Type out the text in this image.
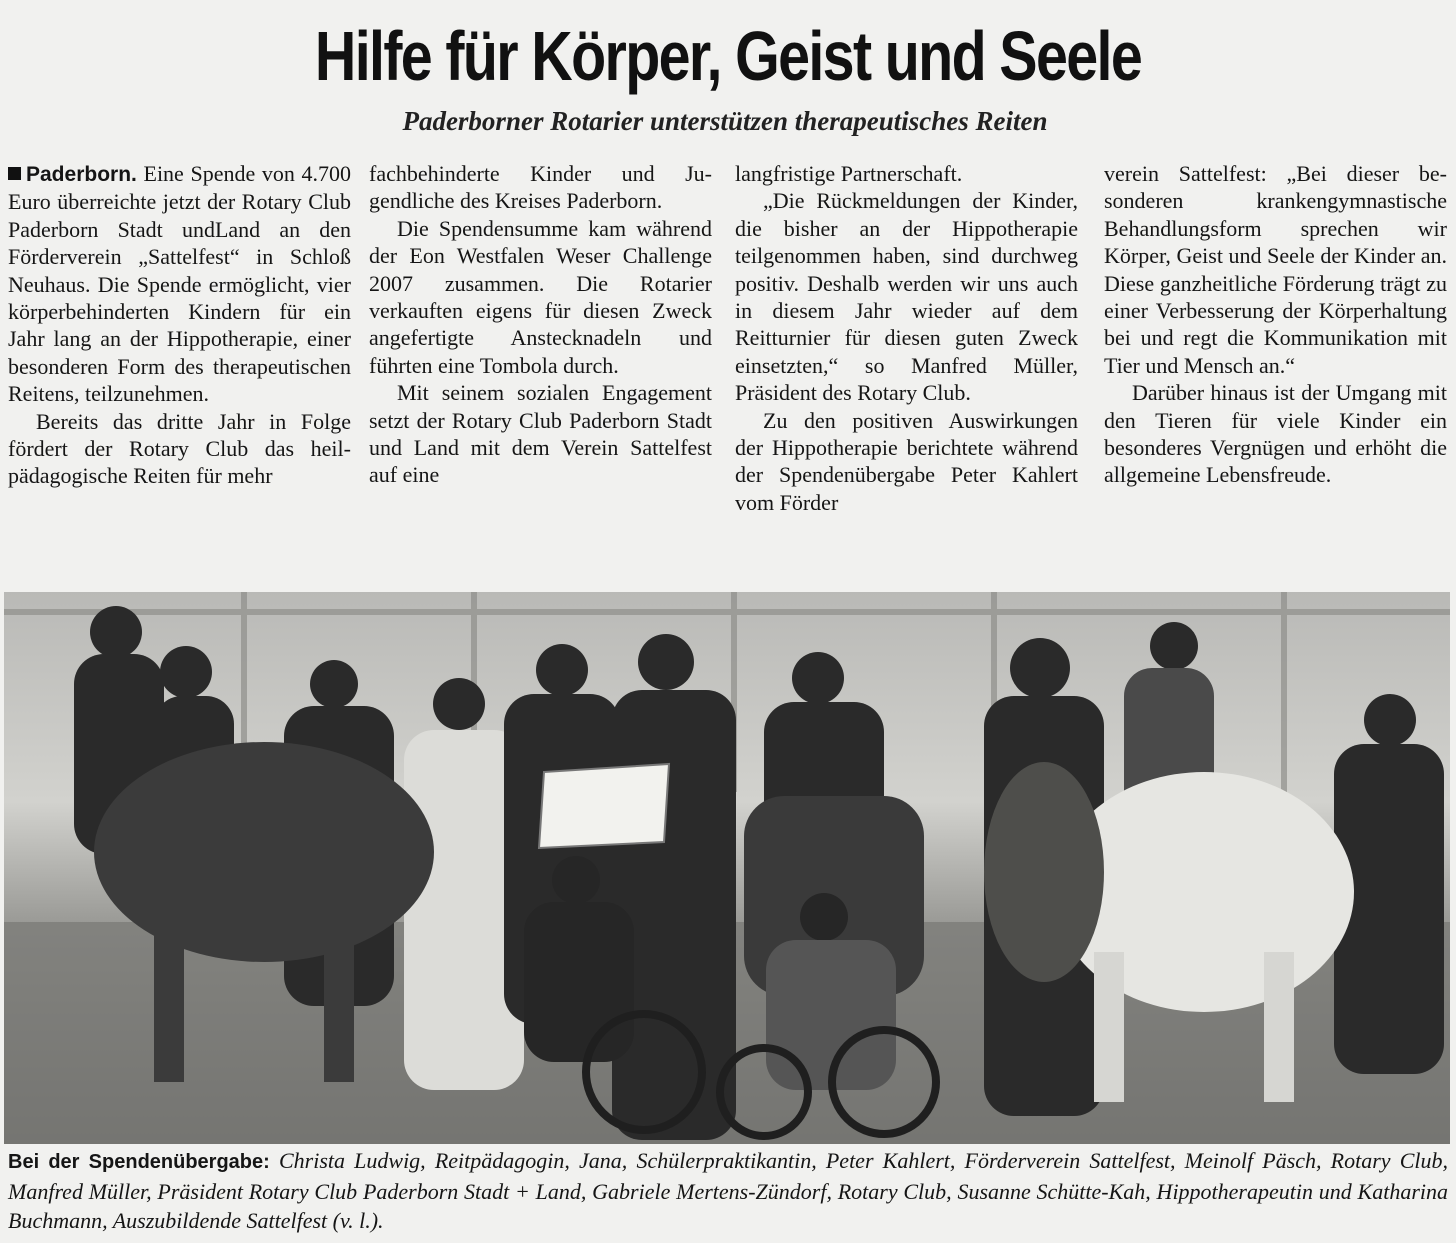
Hilfe für Körper, Geist und Seele
Paderborner Rotarier unterstützen therapeutisches Reiten

Paderborn. Eine Spende von 4.700 Euro überreichte jetzt der Rotary Club Paderborn Stadt undLand an den Förderverein „Sattelfest“ in Schloß Neuhaus. Die Spende ermöglicht, vier körperbehinderten Kindern für ein Jahr lang an der Hippotherapie, einer besonderen Form des therapeutischen Reitens, teilzunehmen.

Bereits das dritte Jahr in Folge fördert der Rotary Club das heilpädagogische Reiten für mehr

fachbehinderte Kinder und Jugendliche des Kreises Paderborn.

Die Spendensumme kam während der Eon Westfalen Weser Challenge 2007 zusammen. Die Rotarier verkauften eigens für diesen Zweck angefertigte Anstecknadeln und führten eine Tombola durch.

Mit seinem sozialen Engagement setzt der Rotary Club Paderborn Stadt und Land mit dem Verein Sattelfest auf eine

langfristige Partnerschaft.

„Die Rückmeldungen der Kinder, die bisher an der Hippotherapie teilgenommen haben, sind durchweg positiv. Deshalb werden wir uns auch in diesem Jahr wieder auf dem Reitturnier für diesen guten Zweck einsetzten,“ so Manfred Müller, Präsident des Rotary Club.

Zu den positiven Auswirkungen der Hippotherapie berichtete während der Spendenübergabe Peter Kahlert vom Förder

verein Sattelfest: „Bei dieser besonderen krankengymnastische Behandlungsform sprechen wir Körper, Geist und Seele der Kinder an. Diese ganzheitliche Förderung trägt zu einer Verbesserung der Körperhaltung bei und regt die Kommunikation mit Tier und Mensch an.“

Darüber hinaus ist der Umgang mit den Tieren für viele Kinder ein besonderes Vergnügen und erhöht die allgemeine Lebensfreude.

Bei der Spendenübergabe: Christa Ludwig, Reitpädagogin, Jana, Schülerpraktikantin, Peter Kahlert, Förderverein Sattelfest, Meinolf Päsch, Rotary Club, Manfred Müller, Präsident Rotary Club Paderborn Stadt + Land, Gabriele Mertens-Zündorf, Rotary Club, Susanne Schütte-Kah, Hippotherapeutin und Katharina Buchmann, Auszubildende Sattelfest (v. l.).
